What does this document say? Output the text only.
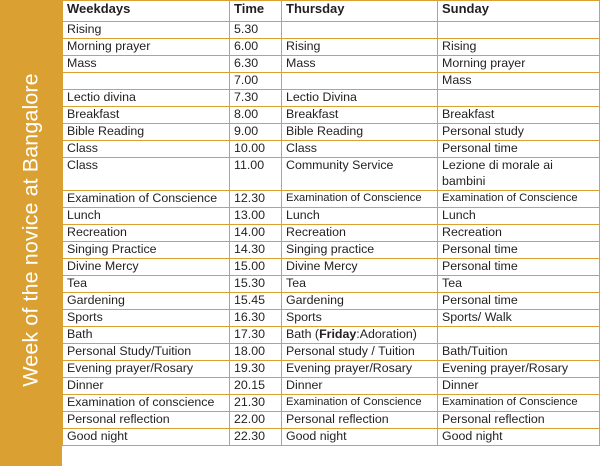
Week of the novice at Bangalore
Weekdays	Time	Thursday	Sunday
Rising	5.30		
Morning prayer	6.00	Rising	Rising
Mass	6.30	Mass	Morning prayer
	7.00		Mass
Lectio divina	7.30	Lectio Divina	
Breakfast	8.00	Breakfast	Breakfast
Bible Reading	9.00	Bible Reading	Personal study
Class	10.00	Class	Personal time
Class	11.00	Community Service	Lezione di morale ai bambini
Examination of Conscience	12.30	Examination of Conscience	Examination of Conscience
Lunch	13.00	Lunch	Lunch
Recreation	14.00	Recreation	Recreation
Singing Practice	14.30	Singing practice	Personal time
Divine Mercy	15.00	Divine Mercy	Personal time
Tea	15.30	Tea	Tea
Gardening	15.45	Gardening	Personal time
Sports	16.30	Sports	Sports/ Walk
Bath	17.30	Bath (Friday:Adoration)	
Personal Study/Tuition	18.00	Personal study / Tuition	Bath/Tuition
Evening prayer/Rosary	19.30	Evening prayer/Rosary	Evening prayer/Rosary
Dinner	20.15	Dinner	Dinner
Examination of conscience	21.30	Examination of Conscience	Examination of Conscience
Personal reflection	22.00	Personal reflection	Personal reflection
Good night	22.30	Good night	Good night
